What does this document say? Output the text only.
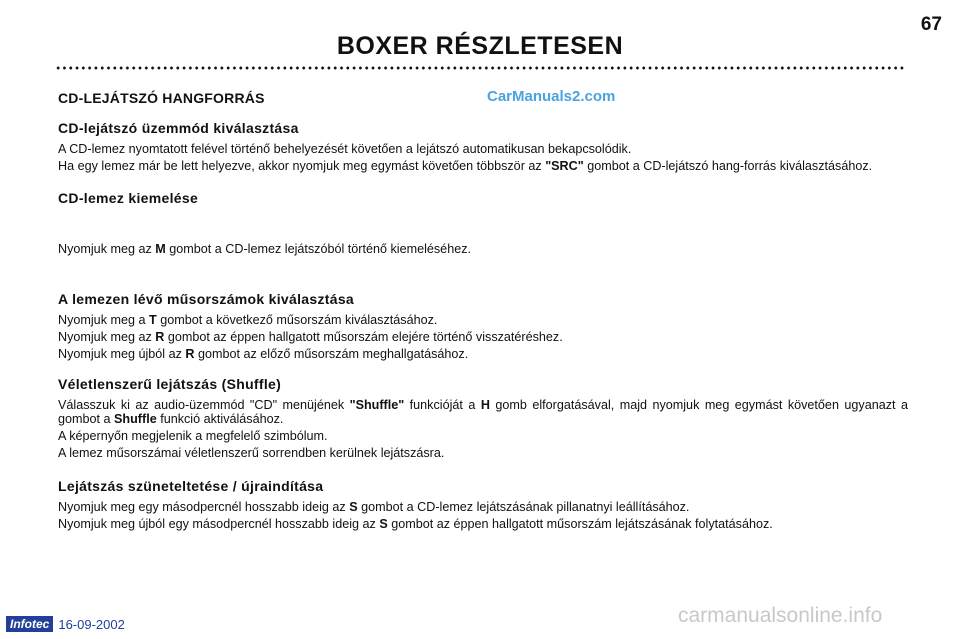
BOXER RÉSZLETESEN
67
CarManuals2.com
CD-LEJÁTSZÓ HANGFORRÁS
CD-lejátszó üzemmód kiválasztása

A CD-lemez nyomtatott felével történő behelyezését követően a lejátszó automatikusan bekapcsolódik.

Ha egy lemez már be lett helyezve, akkor nyomjuk meg egymást követően többször az "SRC" gombot a CD-lejátszó hang-forrás kiválasztásához.

CD-lemez kiemelése

Nyomjuk meg az M gombot a CD-lemez lejátszóból történő kiemeléséhez.

A lemezen lévő műsorszámok kiválasztása

Nyomjuk meg a T gombot a következő műsorszám kiválasztásához.

Nyomjuk meg az R gombot az éppen hallgatott műsorszám elejére történő visszatéréshez.

Nyomjuk meg újból az R gombot az előző műsorszám meghallgatásához.

Véletlenszerű lejátszás (Shuffle)

Válasszuk ki az audio-üzemmód "CD" menüjének "Shuffle" funkcióját a H gomb elforgatásával, majd nyomjuk meg egymást követően ugyanazt a gombot a Shuffle funkció aktiválásához.

A képernyőn megjelenik a megfelelő szimbólum.

A lemez műsorszámai véletlenszerű sorrendben kerülnek lejátszásra.

Lejátszás szüneteltetése / újraindítása

Nyomjuk meg egy másodpercnél hosszabb ideig az S gombot a CD-lemez lejátszásának pillanatnyi leállításához.

Nyomjuk meg újból egy másodpercnél hosszabb ideig az S gombot az éppen hallgatott műsorszám lejátszásának folytatásához.

Infotec 16-09-2002	carmanualsonline.info
